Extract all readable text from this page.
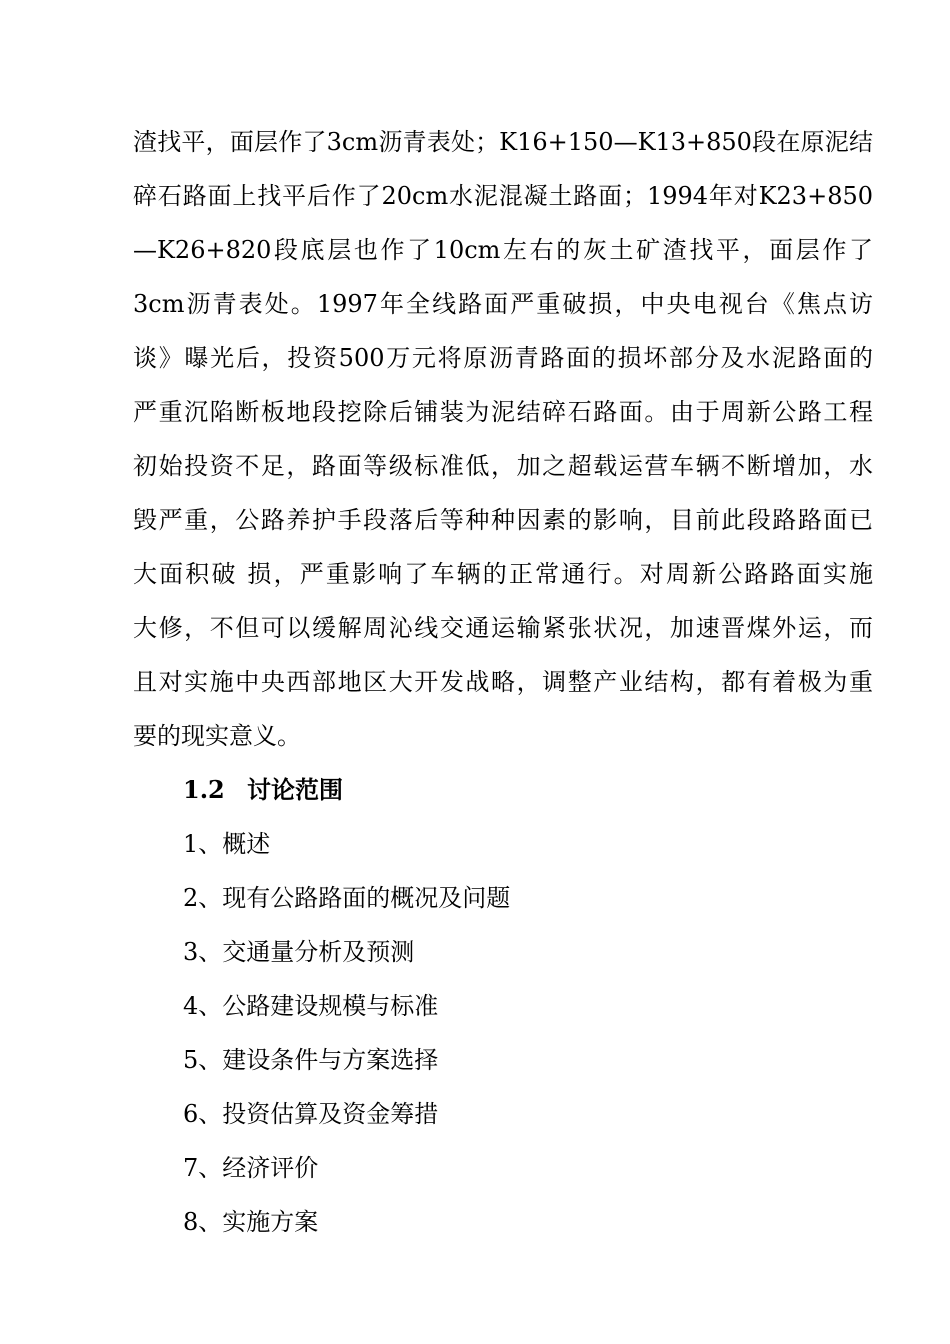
渣找平，面层作了3cm沥青表处；K16+150—K13+850段在原泥结
碎石路面上找平后作了20cm水泥混凝土路面；1994年对K23+850
—K26+820段底层也作了10cm左右的灰土矿渣找平，面层作了
3cm沥青表处。1997年全线路面严重破损，中央电视台《焦点访
谈》曝光后，投资500万元将原沥青路面的损坏部分及水泥路面的
严重沉陷断板地段挖除后铺装为泥结碎石路面。由于周新公路工程
初始投资不足，路面等级标准低，加之超载运营车辆不断增加，水
毁严重，公路养护手段落后等种种因素的影响，目前此段路路面已
大面积破 损，严重影响了车辆的正常通行。对周新公路路面实施
大修，不但可以缓解周沁线交通运输紧张状况，加速晋煤外运，而
且对实施中央西部地区大开发战略，调整产业结构，都有着极为重
要的现实意义。
1.2 讨论范围
1、概述
2、现有公路路面的概况及问题
3、交通量分析及预测
4、公路建设规模与标准
5、建设条件与方案选择
6、投资估算及资金筹措
7、经济评价
8、实施方案
